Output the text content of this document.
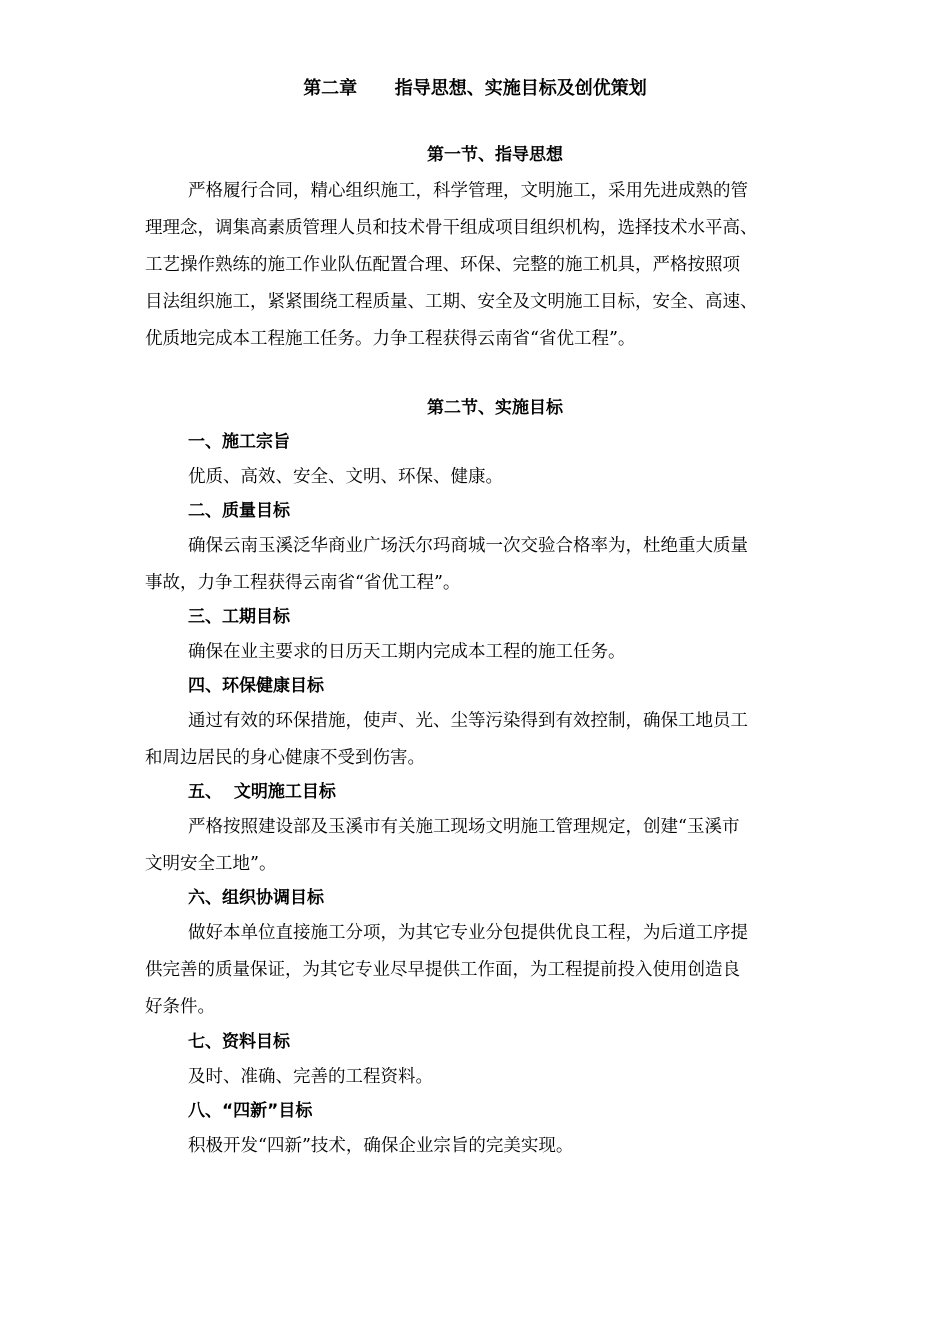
第二章      指导思想、实施目标及创优策划
第一节、指导思想
严格履行合同，精心组织施工，科学管理，文明施工，采用先进成熟的管
理理念，调集高素质管理人员和技术骨干组成项目组织机构，选择技术水平高、
工艺操作熟练的施工作业队伍配置合理、环保、完整的施工机具，严格按照项
目法组织施工，紧紧围绕工程质量、工期、安全及文明施工目标，安全、高速、
优质地完成本工程施工任务。力争工程获得云南省“省优工程”。
第二节、实施目标
一、施工宗旨
优质、高效、安全、文明、环保、健康。
二、质量目标
确保云南玉溪泛华商业广场沃尔玛商城一次交验合格率为，杜绝重大质量
事故，力争工程获得云南省“省优工程”。
三、工期目标
确保在业主要求的日历天工期内完成本工程的施工任务。
四、环保健康目标
通过有效的环保措施，使声、光、尘等污染得到有效控制，确保工地员工
和周边居民的身心健康不受到伤害。
五、  文明施工目标
严格按照建设部及玉溪市有关施工现场文明施工管理规定，创建“玉溪市
文明安全工地”。
六、组织协调目标
做好本单位直接施工分项，为其它专业分包提供优良工程，为后道工序提
供完善的质量保证，为其它专业尽早提供工作面，为工程提前投入使用创造良
好条件。
七、资料目标
及时、准确、完善的工程资料。
八、“四新”目标
积极开发“四新”技术，确保企业宗旨的完美实现。
